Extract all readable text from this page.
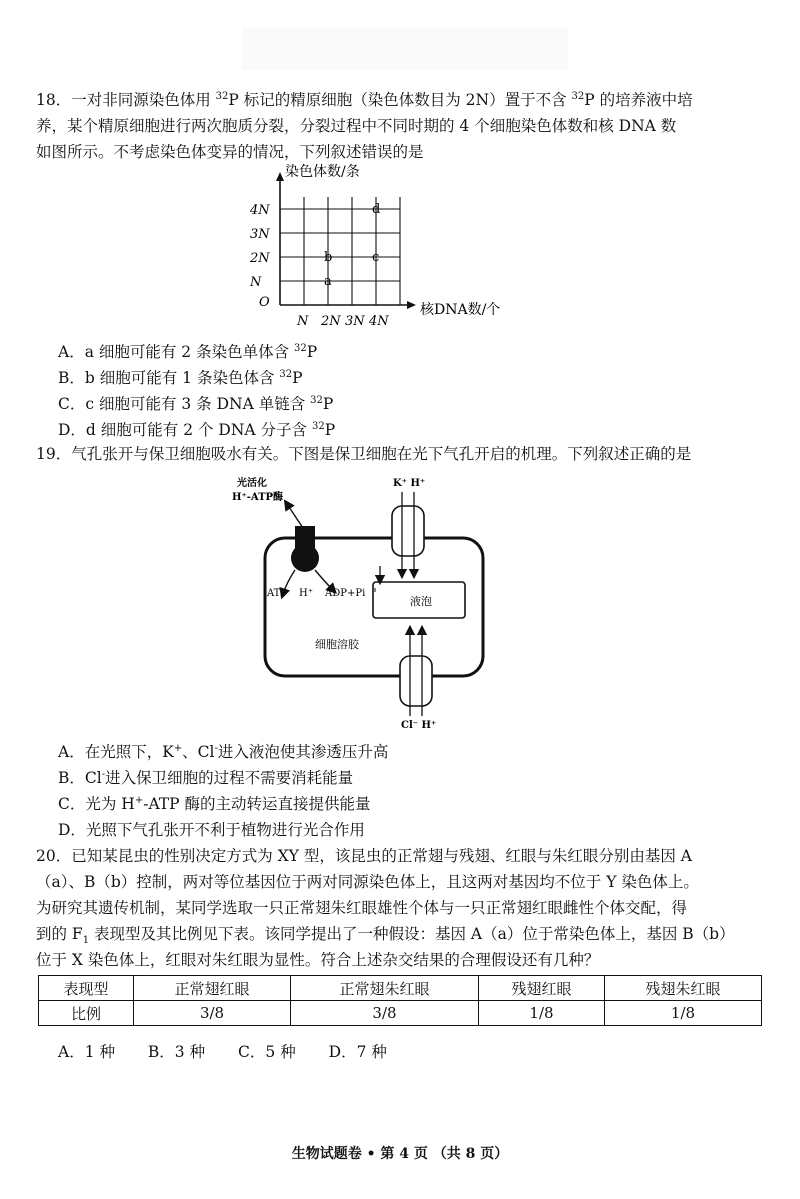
18．一对非同源染色体用 $^{32}$P 标记的精原细胞（染色体数目为 2N）置于不含 $^{32}$P 的培养液中培
养，某个精原细胞进行两次胞质分裂，分裂过程中不同时期的 4 个细胞染色体数和核 DNA 数
如图所示。不考虑染色体变异的情况，下列叙述错误的是
染色体数/条
核DNA数/个
O
N 2N 3N 4N
N
2N
3N
4N
a
b	c
d
A．a 细胞可能有 2 条染色单体含 $^{32}$P
B．b 细胞可能有 1 条染色体含 $^{32}$P
C．c 细胞可能有 3 条 DNA 单链含 $^{32}$P
D．d 细胞可能有 2 个 DNA 分子含 $^{32}$P
19．气孔张开与保卫细胞吸水有关。下图是保卫细胞在光下气孔开启的机理。下列叙述正确的是
液泡
细胞溶胶
光活化
H⁺-ATP酶
ATP H⁺ ADP+Pi
K⁺ H⁺
Cl⁻ H⁺
A．在光照下，K+、Cl-进入液泡使其渗透压升高
B．Cl-进入保卫细胞的过程不需要消耗能量
C．光为 H+-ATP 酶的主动转运直接提供能量
D．光照下气孔张开不利于植物进行光合作用
20．已知某昆虫的性别决定方式为 XY 型，该昆虫的正常翅与残翅、红眼与朱红眼分别由基因 A
（a）、B（b）控制，两对等位基因位于两对同源染色体上，且这两对基因均不位于 Y 染色体上。
为研究其遗传机制，某同学选取一只正常翅朱红眼雄性个体与一只正常翅红眼雌性个体交配，得
到的 $F_1$ 表现型及其比例见下表。该同学提出了一种假设：基因 A（a）位于常染色体上，基因 B（b）
位于 X 染色体上，红眼对朱红眼为显性。符合上述杂交结果的合理假设还有几种？
表现型	正常翅红眼	正常翅朱红眼	残翅红眼	残翅朱红眼
比例	3/8	3/8	1/8	1/8
A．1 种 B．3 种 C．5 种 D．7 种
生物试题卷 • 第 4 页 （共 8 页）
